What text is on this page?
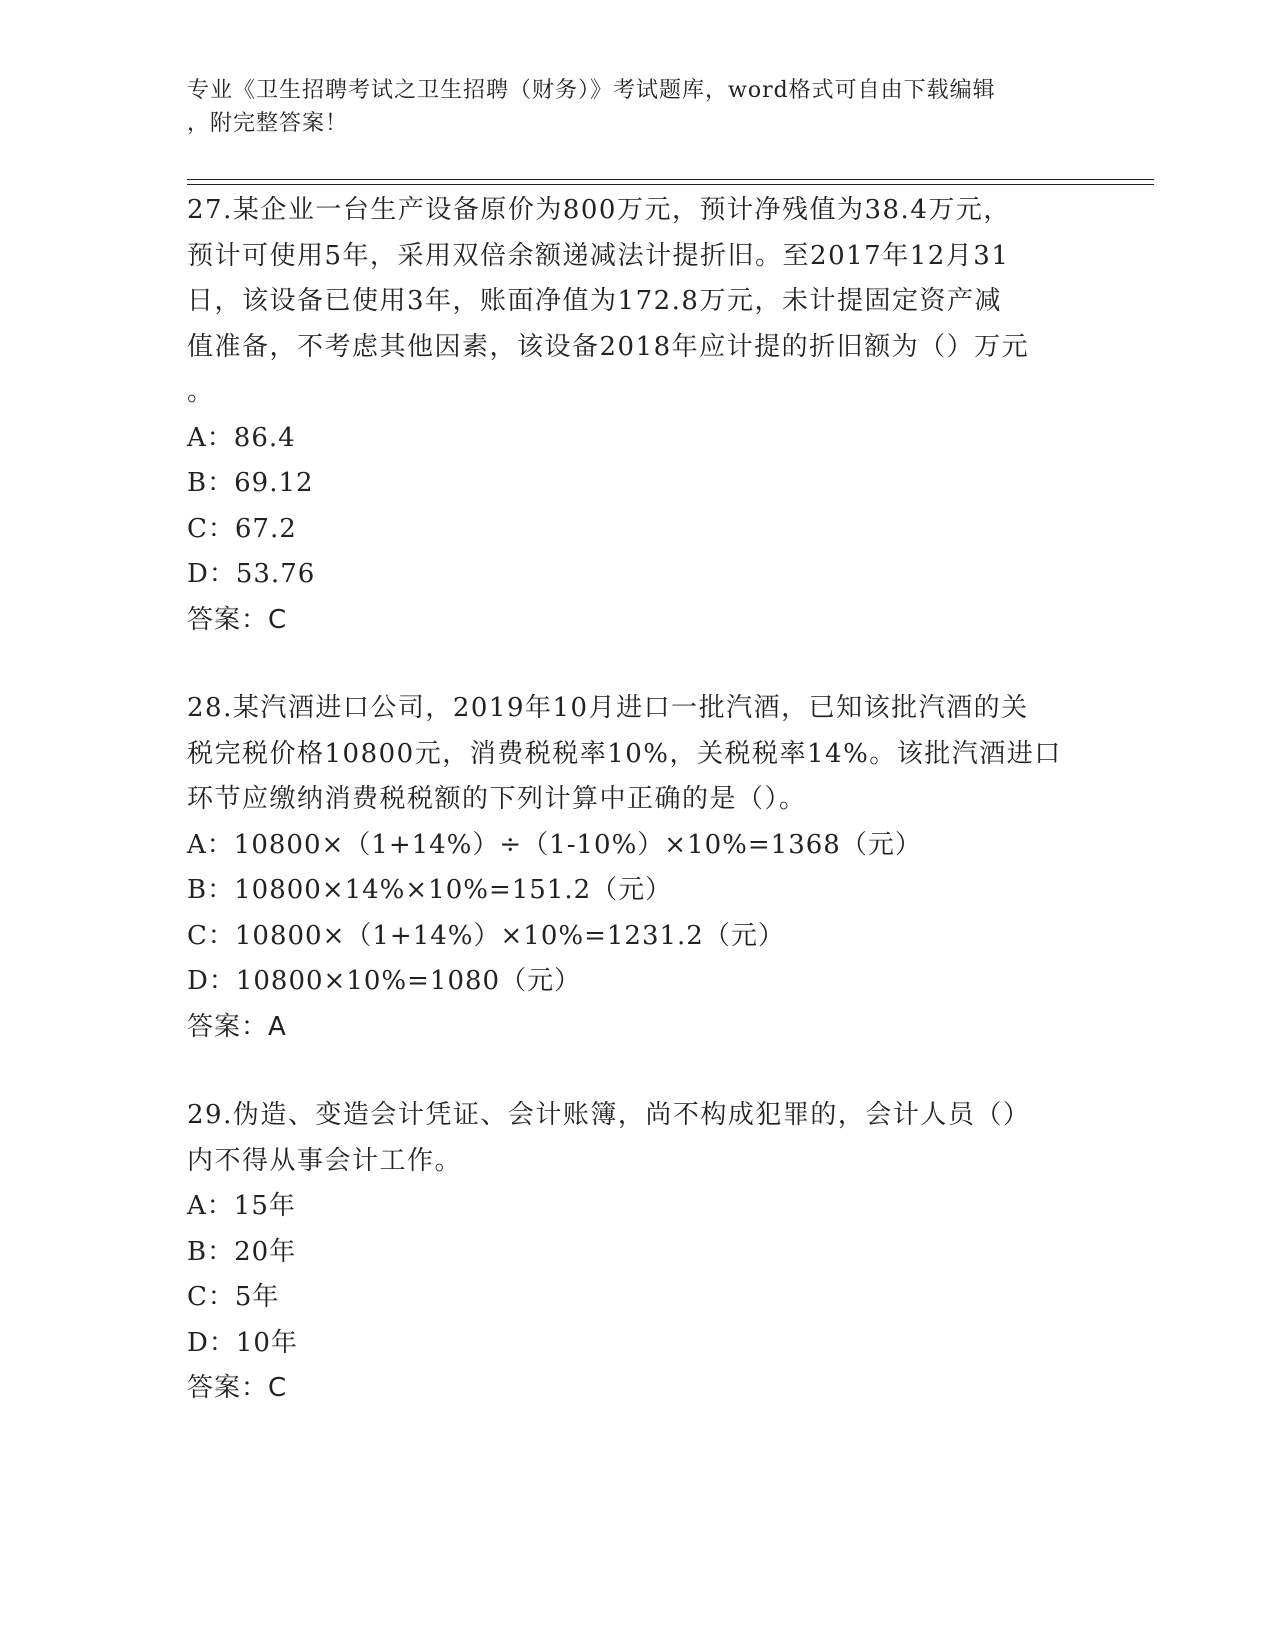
专业《卫生招聘考试之卫生招聘（财务）》考试题库，word格式可自由下载编辑
，附完整答案！
27.某企业一台生产设备原价为800万元，预计净残值为38.4万元，
预计可使用5年，采用双倍余额递减法计提折旧。至2017年12月31
日，该设备已使用3年，账面净值为172.8万元，未计提固定资产减
值准备，不考虑其他因素，该设备2018年应计提的折旧额为（）万元
。
A：86.4
B：69.12
C：67.2
D：53.76
答案：C
28.某汽酒进口公司，2019年10月进口一批汽酒，已知该批汽酒的关
税完税价格10800元，消费税税率10%，关税税率14%。该批汽酒进口
环节应缴纳消费税税额的下列计算中正确的是（）。
A：10800×（1+14%）÷（1-10%）×10%=1368（元）
B：10800×14%×10%=151.2（元）
C：10800×（1+14%）×10%=1231.2（元）
D：10800×10%=1080（元）
答案：A
29.伪造、变造会计凭证、会计账簿，尚不构成犯罪的，会计人员（）
内不得从事会计工作。
A：15年
B：20年
C：5年
D：10年
答案：C
